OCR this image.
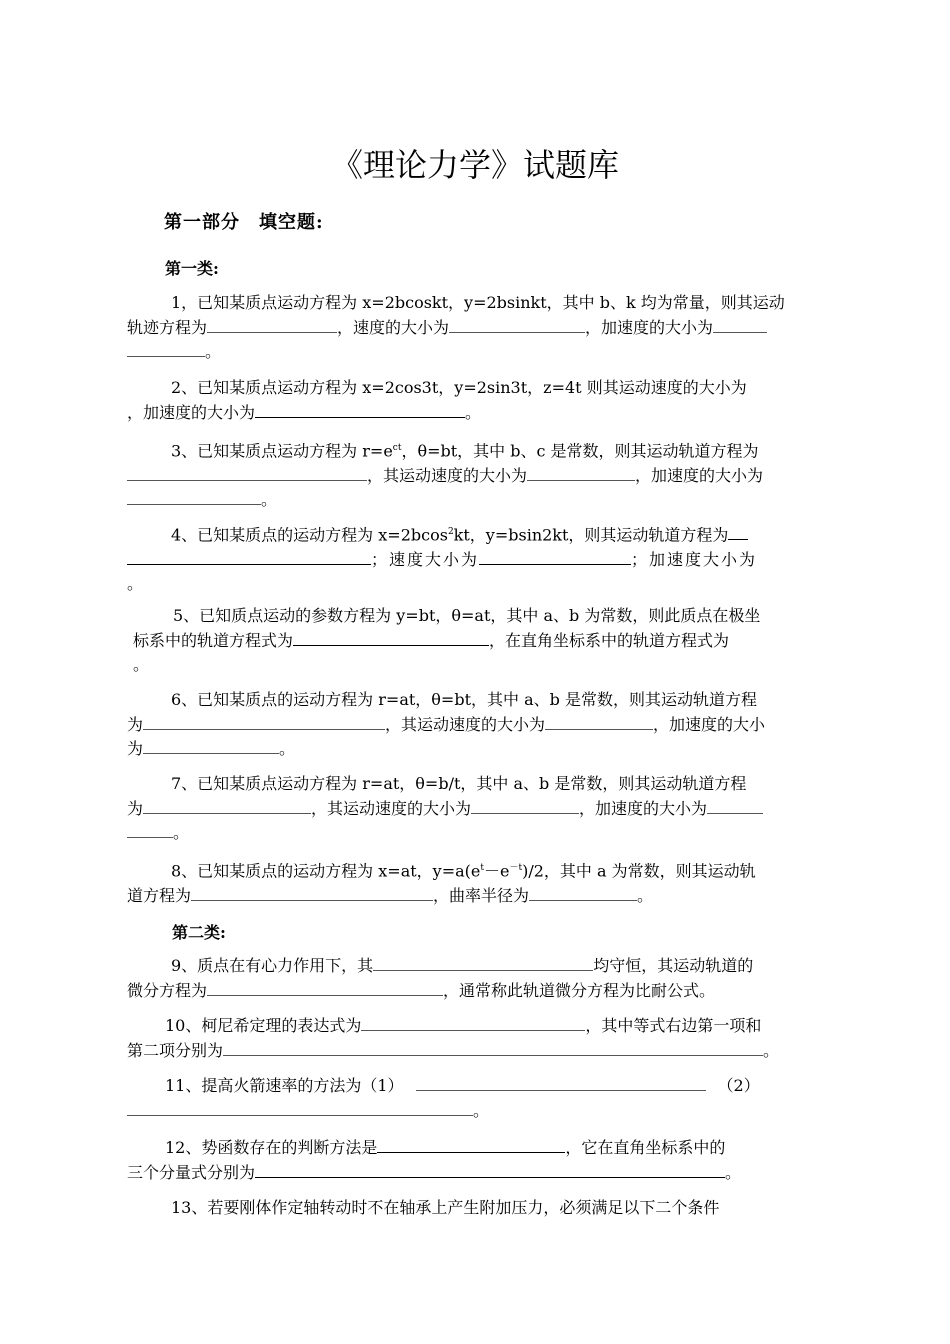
《理论力学》试题库
第一部分　填空题:
第一类:

1，已知某质点运动方程为 x=2bcoskt，y=2bsinkt，其中 b、k 均为常量，则其运动

轨迹方程为	，速度的大小为	，加速度的大小为

。

2、已知某质点运动方程为 x=2cos3t，y=2sin3t，z=4t 则其运动速度的大小为

，加速度的大小为	。

3、已知某质点运动方程为 $r=e^{ct}$，θ=bt，其中 b、c 是常数，则其运动轨道方程为

，其运动速度的大小为	，加速度的大小为

。

4、已知某质点的运动方程为 x=2bcos$^2$kt，y=bsin2kt，则其运动轨道方程为

；速度大小为	；加速度大小为

。

5、已知质点运动的参数方程为 y=bt，θ=at，其中 a、b 为常数，则此质点在极坐

标系中的轨道方程式为	，在直角坐标系中的轨道方程式为

。

6、已知某质点的运动方程为 r=at，θ=bt，其中 a、b 是常数，则其运动轨道方程

为	，其运动速度的大小为	，加速度的大小

为	。

7、已知某质点运动方程为 r=at，θ=b/t，其中 a、b 是常数，则其运动轨道方程

为	，其运动速度的大小为	，加速度的大小为

。

8、已知某质点的运动方程为 x=at，$y=a(e^t-e^{-t})/2$，其中 a 为常数，则其运动轨

道方程为	，曲率半径为	。

第二类:

9、质点在有心力作用下，其	均守恒，其运动轨道的

微分方程为	，通常称此轨道微分方程为比耐公式。

10、柯尼希定理的表达式为	，其中等式右边第一项和

第二项分别为	。

11、提高火箭速率的方法为（1）	（2）

。

12、势函数存在的判断方法是	，它在直角坐标系中的

三个分量式分别为	。

13、若要刚体作定轴转动时不在轴承上产生附加压力，必须满足以下二个条件
